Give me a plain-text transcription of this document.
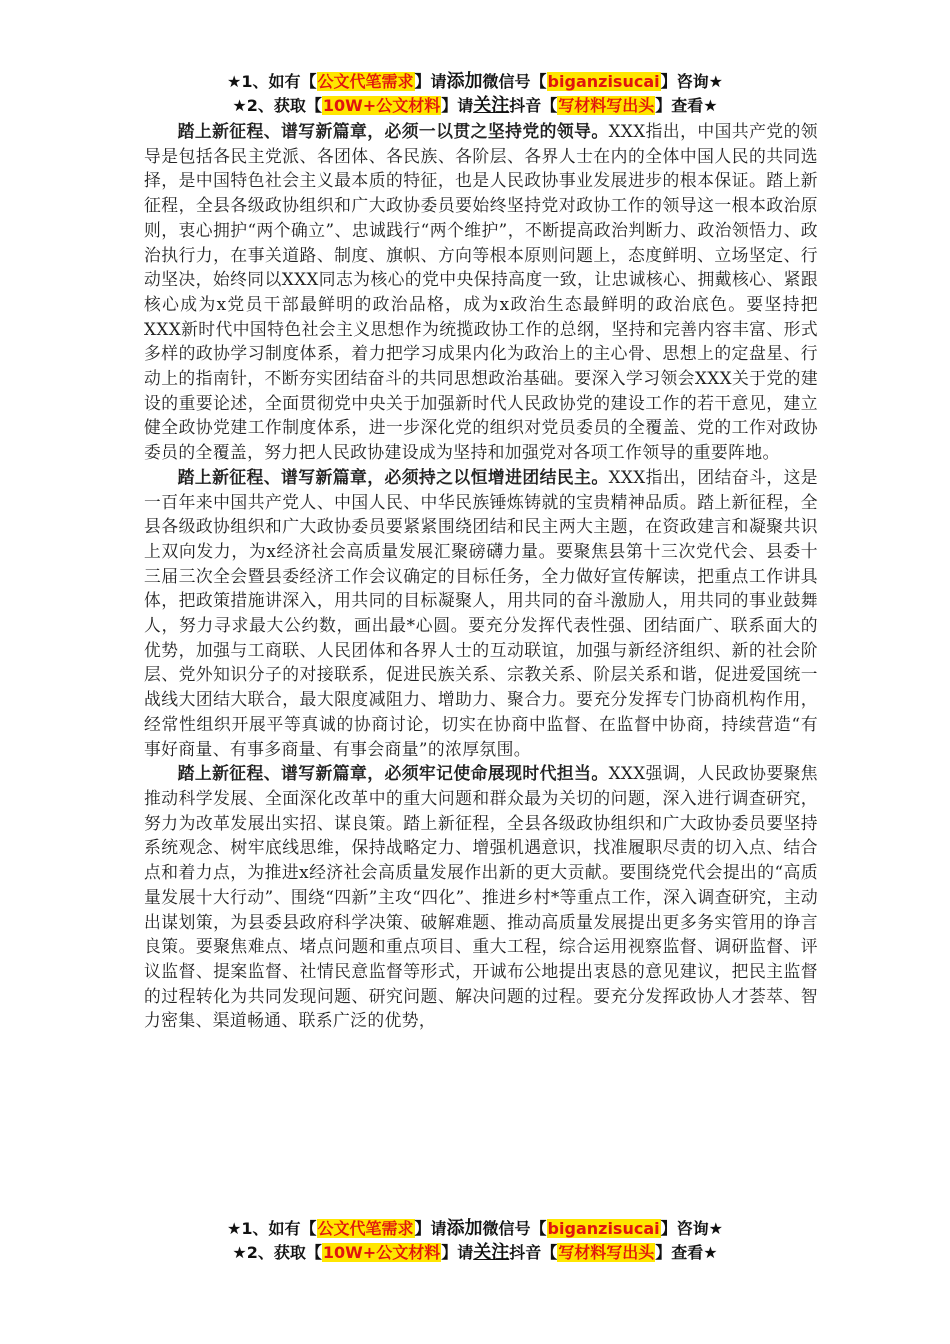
★1、如有【公文代笔需求】请添加微信号【biganzisucai】咨询★
★2、获取【10W+公文材料】请关注抖音【写材料写出头】查看★

踏上新征程、谱写新篇章，必须一以贯之坚持党的领导。XXX指出，中国共产党的领导是包括各民主党派、各团体、各民族、各阶层、各界人士在内的全体中国人民的共同选择，是中国特色社会主义最本质的特征，也是人民政协事业发展进步的根本保证。踏上新征程，全县各级政协组织和广大政协委员要始终坚持党对政协工作的领导这一根本政治原则，衷心拥护“两个确立”、忠诚践行“两个维护”，不断提高政治判断力、政治领悟力、政治执行力，在事关道路、制度、旗帜、方向等根本原则问题上，态度鲜明、立场坚定、行动坚决，始终同以XXX同志为核心的党中央保持高度一致，让忠诚核心、拥戴核心、紧跟核心成为x党员干部最鲜明的政治品格，成为x政治生态最鲜明的政治底色。要坚持把XXX新时代中国特色社会主义思想作为统揽政协工作的总纲，坚持和完善内容丰富、形式多样的政协学习制度体系，着力把学习成果内化为政治上的主心骨、思想上的定盘星、行动上的指南针，不断夯实团结奋斗的共同思想政治基础。要深入学习领会XXX关于党的建设的重要论述，全面贯彻党中央关于加强新时代人民政协党的建设工作的若干意见，建立健全政协党建工作制度体系，进一步深化党的组织对党员委员的全覆盖、党的工作对政协委员的全覆盖，努力把人民政协建设成为坚持和加强党对各项工作领导的重要阵地。

踏上新征程、谱写新篇章，必须持之以恒增进团结民主。XXX指出，团结奋斗，这是一百年来中国共产党人、中国人民、中华民族锤炼铸就的宝贵精神品质。踏上新征程，全县各级政协组织和广大政协委员要紧紧围绕团结和民主两大主题，在资政建言和凝聚共识上双向发力，为x经济社会高质量发展汇聚磅礴力量。要聚焦县第十三次党代会、县委十三届三次全会暨县委经济工作会议确定的目标任务，全力做好宣传解读，把重点工作讲具体，把政策措施讲深入，用共同的目标凝聚人，用共同的奋斗激励人，用共同的事业鼓舞人，努力寻求最大公约数，画出最*心圆。要充分发挥代表性强、团结面广、联系面大的优势，加强与工商联、人民团体和各界人士的互动联谊，加强与新经济组织、新的社会阶层、党外知识分子的对接联系，促进民族关系、宗教关系、阶层关系和谐，促进爱国统一战线大团结大联合，最大限度减阻力、增助力、聚合力。要充分发挥专门协商机构作用，经常性组织开展平等真诚的协商讨论，切实在协商中监督、在监督中协商，持续营造“有事好商量、有事多商量、有事会商量”的浓厚氛围。

踏上新征程、谱写新篇章，必须牢记使命展现时代担当。XXX强调，人民政协要聚焦推动科学发展、全面深化改革中的重大问题和群众最为关切的问题，深入进行调查研究，努力为改革发展出实招、谋良策。踏上新征程，全县各级政协组织和广大政协委员要坚持系统观念、树牢底线思维，保持战略定力、增强机遇意识，找准履职尽责的切入点、结合点和着力点，为推进x经济社会高质量发展作出新的更大贡献。要围绕党代会提出的“高质量发展十大行动”、围绕“四新”主攻“四化”、推进乡村*等重点工作，深入调查研究，主动出谋划策，为县委县政府科学决策、破解难题、推动高质量发展提出更多务实管用的诤言良策。要聚焦难点、堵点问题和重点项目、重大工程，综合运用视察监督、调研监督、评议监督、提案监督、社情民意监督等形式，开诚布公地提出衷恳的意见建议，把民主监督的过程转化为共同发现问题、研究问题、解决问题的过程。要充分发挥政协人才荟萃、智力密集、渠道畅通、联系广泛的优势，

★1、如有【公文代笔需求】请添加微信号【biganzisucai】咨询★
★2、获取【10W+公文材料】请关注抖音【写材料写出头】查看★
